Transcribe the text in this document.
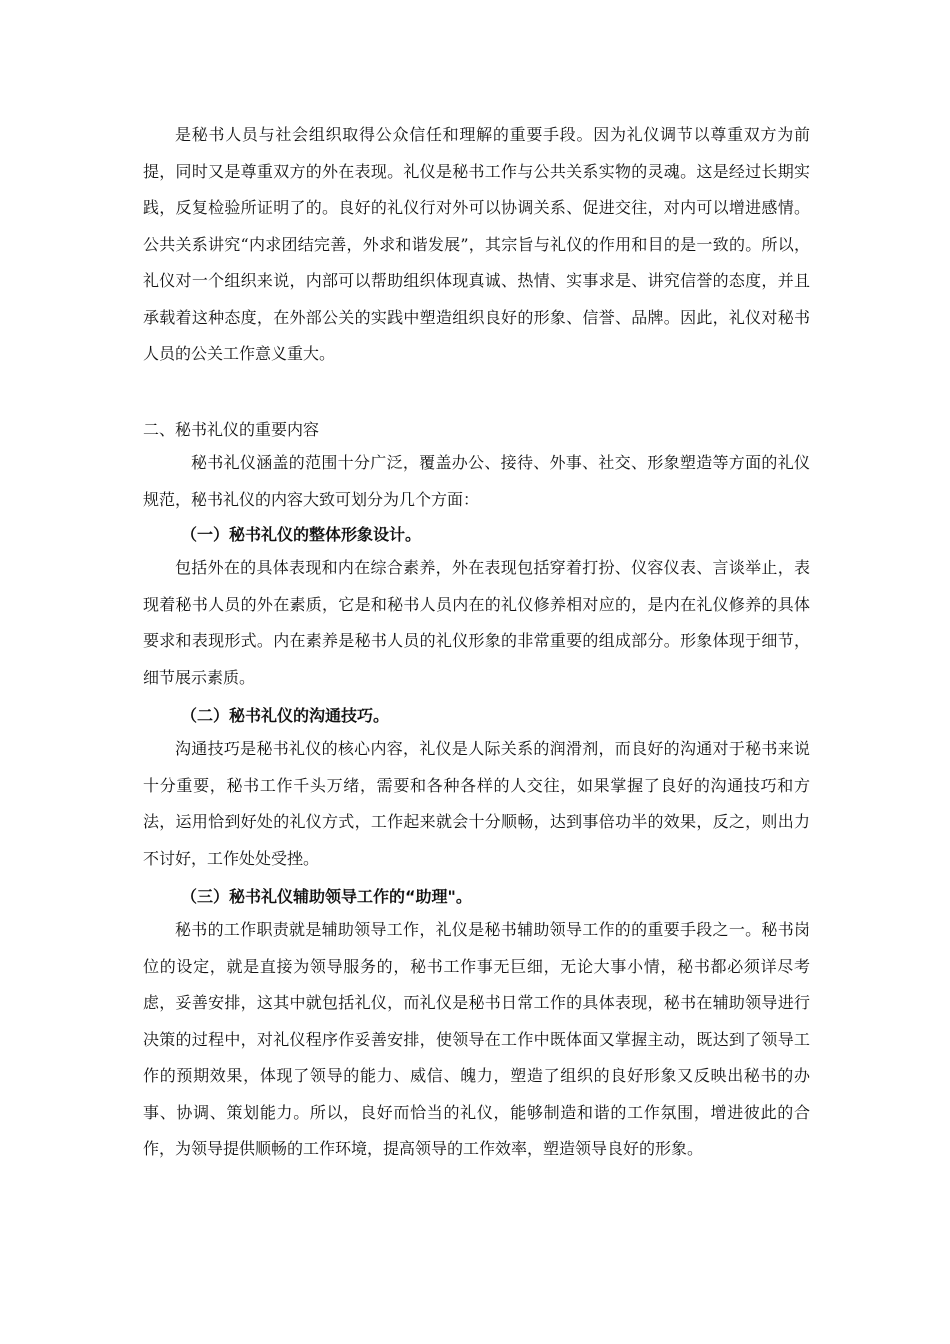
是秘书人员与社会组织取得公众信任和理解的重要手段。因为礼仪调节以尊重双方为前提，同时又是尊重双方的外在表现。礼仪是秘书工作与公共关系实物的灵魂。这是经过长期实践，反复检验所证明了的。良好的礼仪行对外可以协调关系、促进交往，对内可以增进感情。公共关系讲究“内求团结完善，外求和谐发展”，其宗旨与礼仪的作用和目的是一致的。所以，礼仪对一个组织来说，内部可以帮助组织体现真诚、热情、实事求是、讲究信誉的态度，并且承载着这种态度，在外部公关的实践中塑造组织良好的形象、信誉、品牌。因此，礼仪对秘书人员的公关工作意义重大。

二、秘书礼仪的重要内容

秘书礼仪涵盖的范围十分广泛，覆盖办公、接待、外事、社交、形象塑造等方面的礼仪规范，秘书礼仪的内容大致可划分为几个方面：

（一）秘书礼仪的整体形象设计。

包括外在的具体表现和内在综合素养，外在表现包括穿着打扮、仪容仪表、言谈举止，表现着秘书人员的外在素质，它是和秘书人员内在的礼仪修养相对应的，是内在礼仪修养的具体要求和表现形式。内在素养是秘书人员的礼仪形象的非常重要的组成部分。形象体现于细节，细节展示素质。

（二）秘书礼仪的沟通技巧。

沟通技巧是秘书礼仪的核心内容，礼仪是人际关系的润滑剂，而良好的沟通对于秘书来说十分重要，秘书工作千头万绪，需要和各种各样的人交往，如果掌握了良好的沟通技巧和方法，运用恰到好处的礼仪方式，工作起来就会十分顺畅，达到事倍功半的效果，反之，则出力不讨好，工作处处受挫。

（三）秘书礼仪辅助领导工作的“助理"。

秘书的工作职责就是辅助领导工作，礼仪是秘书辅助领导工作的的重要手段之一。秘书岗位的设定，就是直接为领导服务的，秘书工作事无巨细，无论大事小情，秘书都必须详尽考虑，妥善安排，这其中就包括礼仪，而礼仪是秘书日常工作的具体表现，秘书在辅助领导进行决策的过程中，对礼仪程序作妥善安排，使领导在工作中既体面又掌握主动，既达到了领导工作的预期效果，体现了领导的能力、威信、魄力，塑造了组织的良好形象又反映出秘书的办事、协调、策划能力。所以，良好而恰当的礼仪，能够制造和谐的工作氛围，增进彼此的合作，为领导提供顺畅的工作环境，提高领导的工作效率，塑造领导良好的形象。
